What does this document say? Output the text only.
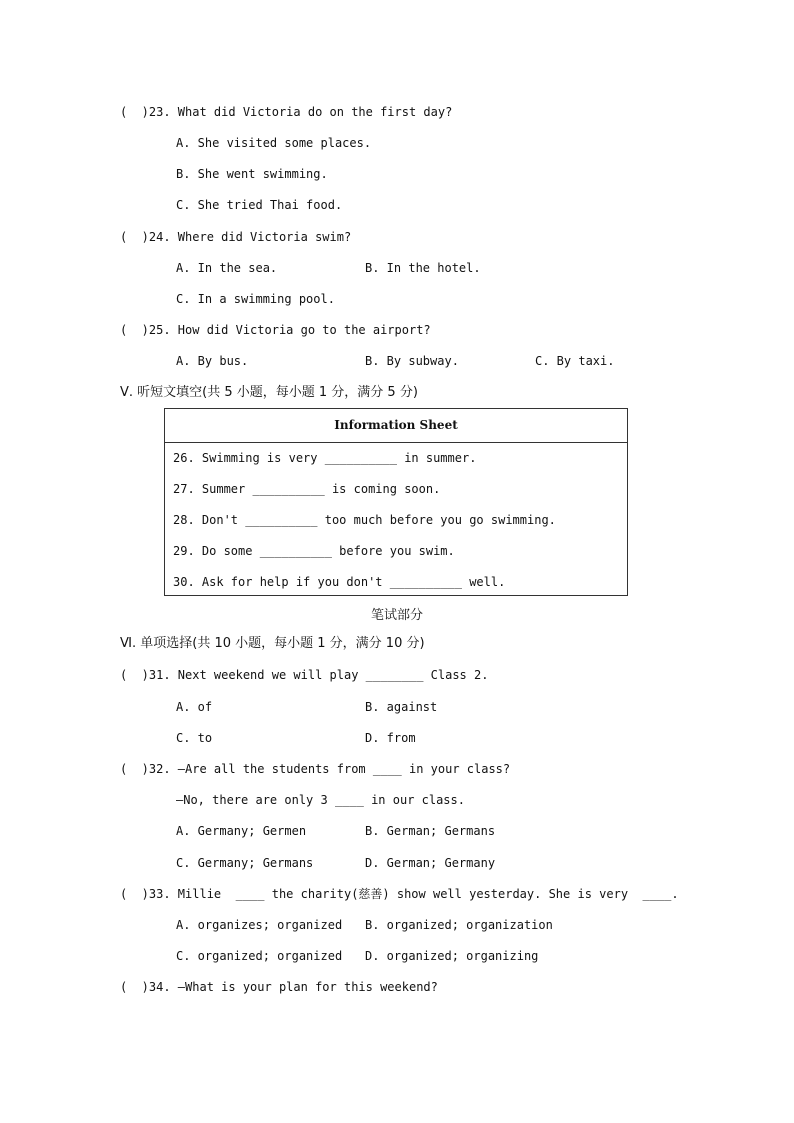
(  )23. What did Victoria do on the first day?
A. She visited some places.
B. She went swimming.
C. She tried Thai food.
(  )24. Where did Victoria swim?
A. In the sea.	B. In the hotel.
C. In a swimming pool.
(  )25. How did Victoria go to the airport?
A. By bus.	B. By subway.	C. By taxi.
Ⅴ. 听短文填空(共 5 小题，每小题 1 分，满分 5 分)
Information Sheet
26. Swimming is very __________ in summer.
27. Summer __________ is coming soon.
28. Don't __________ too much before you go swimming.
29. Do some __________ before you swim.
30. Ask for help if you don't __________ well.
笔试部分
Ⅵ. 单项选择(共 10 小题，每小题 1 分，满分 10 分)
(  )31. Next weekend we will play ________ Class 2.
A. of	B. against
C. to	D. from
(  )32. —Are all the students from ____ in your class?
—No, there are only 3 ____ in our class.
A. Germany; Germen	B. German; Germans
C. Germany; Germans	D. German; Germany
(  )33. Millie  ____ the charity(慈善) show well yesterday. She is very  ____.
A. organizes; organized B. organized; organization
C. organized; organized D. organized; organizing
(  )34. —What is your plan for this weekend?
